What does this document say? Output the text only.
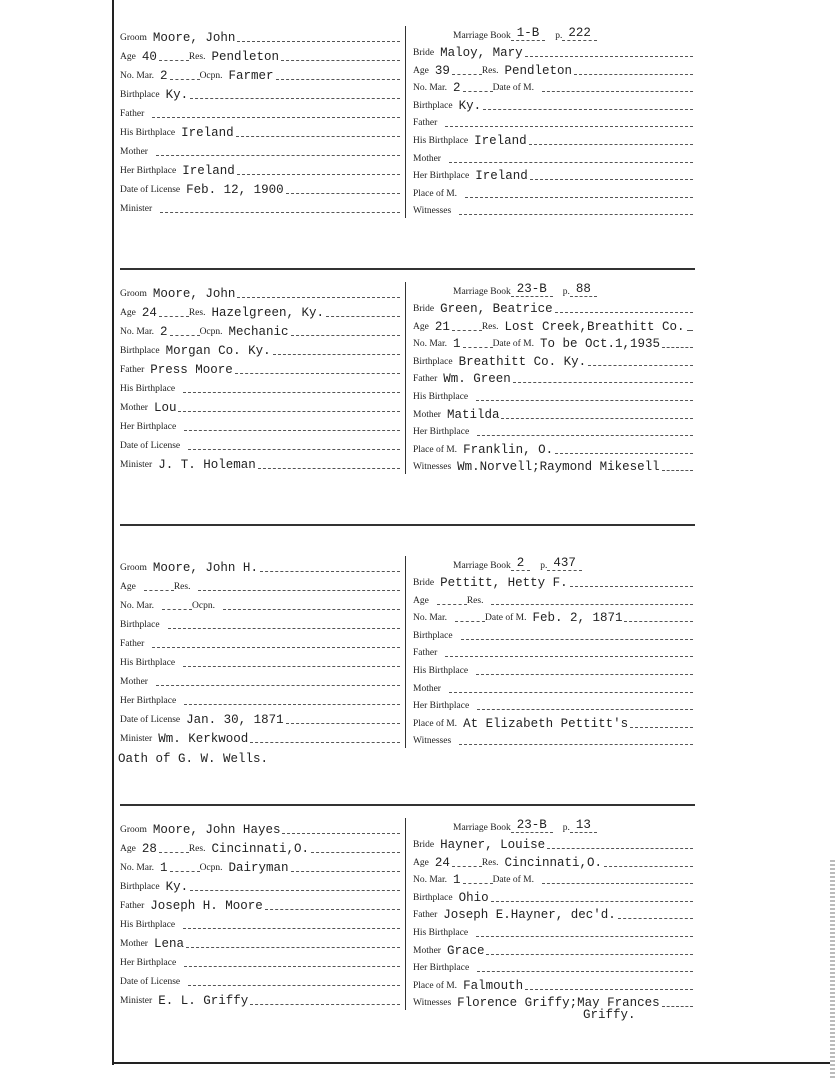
Groom Moore, John
Age 40	Res. Pendleton
No. Mar. 2	Ocpn. Farmer
Birthplace Ky.
Father
His Birthplace Ireland
Mother
Her Birthplace Ireland
Date of License Feb. 12, 1900
Minister
Marriage Book 1-B	p. 222
Bride Maloy, Mary
Age 39	Res. Pendleton
No. Mar. 2	Date of M.
Birthplace Ky.
Father
His Birthplace Ireland
Mother
Her Birthplace Ireland
Place of M.
Witnesses
Groom Moore, John
Age 24	Res. Hazelgreen, Ky.
No. Mar. 2	Ocpn. Mechanic
Birthplace Morgan Co. Ky.
Father Press Moore
His Birthplace
Mother Lou
Her Birthplace
Date of License
Minister J. T. Holeman
Marriage Book 23-B	p. 88
Bride Green, Beatrice
Age 21	Res. Lost Creek,Breathitt Co.
No. Mar. 1	Date of M. To be Oct.1,1935
Birthplace Breathitt Co. Ky.
Father Wm. Green
His Birthplace
Mother Matilda
Her Birthplace
Place of M. Franklin, O.
Witnesses Wm.Norvell;Raymond Mikesell
Groom Moore, John H.
Age	Res.
No. Mar.	Ocpn.
Birthplace
Father
His Birthplace
Mother
Her Birthplace
Date of License Jan. 30, 1871
Minister Wm. Kerkwood
Marriage Book 2	p. 437
Bride Pettitt, Hetty F.
Age	Res.
No. Mar.	Date of M. Feb. 2, 1871
Birthplace
Father
His Birthplace
Mother
Her Birthplace
Place of M. At Elizabeth Pettitt's
Witnesses
Oath of G. W. Wells.
Groom Moore, John Hayes
Age 28	Res. Cincinnati,O.
No. Mar. 1	Ocpn. Dairyman
Birthplace Ky.
Father Joseph H. Moore
His Birthplace
Mother Lena
Her Birthplace
Date of License
Minister E. L. Griffy
Marriage Book 23-B	p. 13
Bride Hayner, Louise
Age 24	Res. Cincinnati,O.
No. Mar. 1	Date of M.
Birthplace Ohio
Father Joseph E.Hayner, dec'd.
His Birthplace
Mother Grace
Her Birthplace
Place of M. Falmouth
Witnesses Florence Griffy;May Frances
Griffy.
